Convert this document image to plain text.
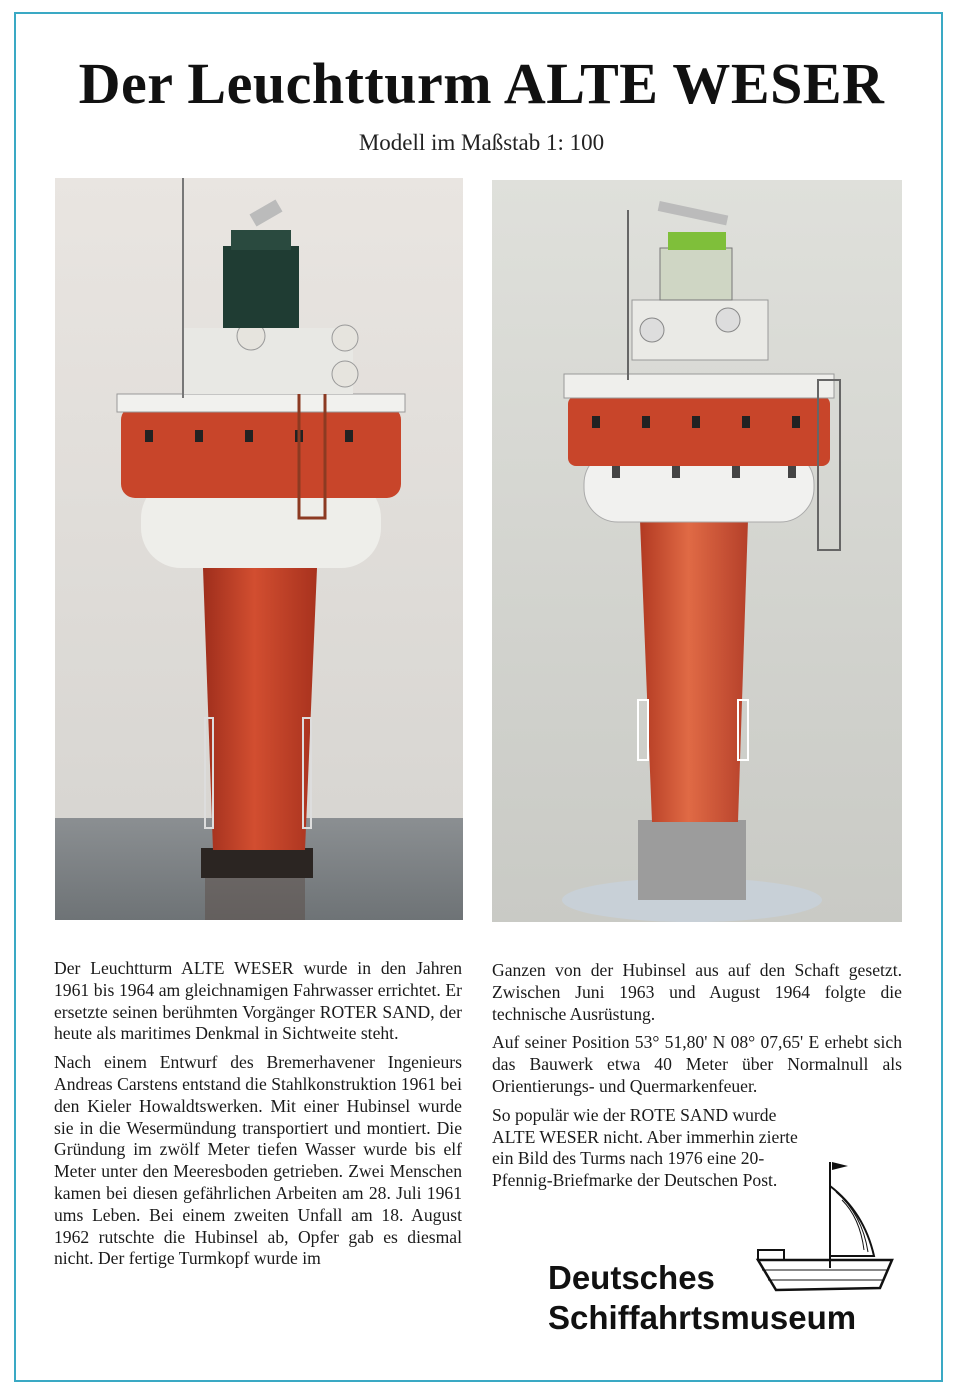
Der Leuchtturm ALTE WESER
Modell im Maßstab 1: 100

Der Leuchtturm ALTE WESER wurde in den Jahren 1961 bis 1964 am gleichnamigen Fahrwasser errichtet. Er ersetzte seinen berühmten Vorgänger ROTER SAND, der heute als maritimes Denkmal in Sichtweite steht.

Nach einem Entwurf des Bremerhavener Ingenieurs Andreas Carstens entstand die Stahlkonstruktion 1961 bei den Kieler Howaldtswerken. Mit einer Hubinsel wurde sie in die Wesermündung transportiert und montiert. Die Gründung im zwölf Meter tiefen Wasser wurde bis elf Meter unter den Meeresboden getrieben. Zwei Menschen kamen bei diesen gefährlichen Arbeiten am 28. Juli 1961 ums Leben. Bei einem zweiten Unfall am 18. August 1962 rutschte die Hubinsel ab, Opfer gab es diesmal nicht. Der fertige Turmkopf wurde im

Ganzen von der Hubinsel aus auf den Schaft gesetzt. Zwischen Juni 1963 und August 1964 folgte die technische Ausrüstung.

Auf seiner Position 53° 51,80' N 08° 07,65' E erhebt sich das Bauwerk etwa 40 Meter über Normalnull als Orientierungs- und Quermarkenfeuer.

So populär wie der ROTE SAND wurde ALTE WESER nicht. Aber immerhin zierte ein Bild des Turms nach 1976 eine 20-Pfennig-Briefmarke der Deutschen Post.

Deutsches
Schiffahrtsmuseum
